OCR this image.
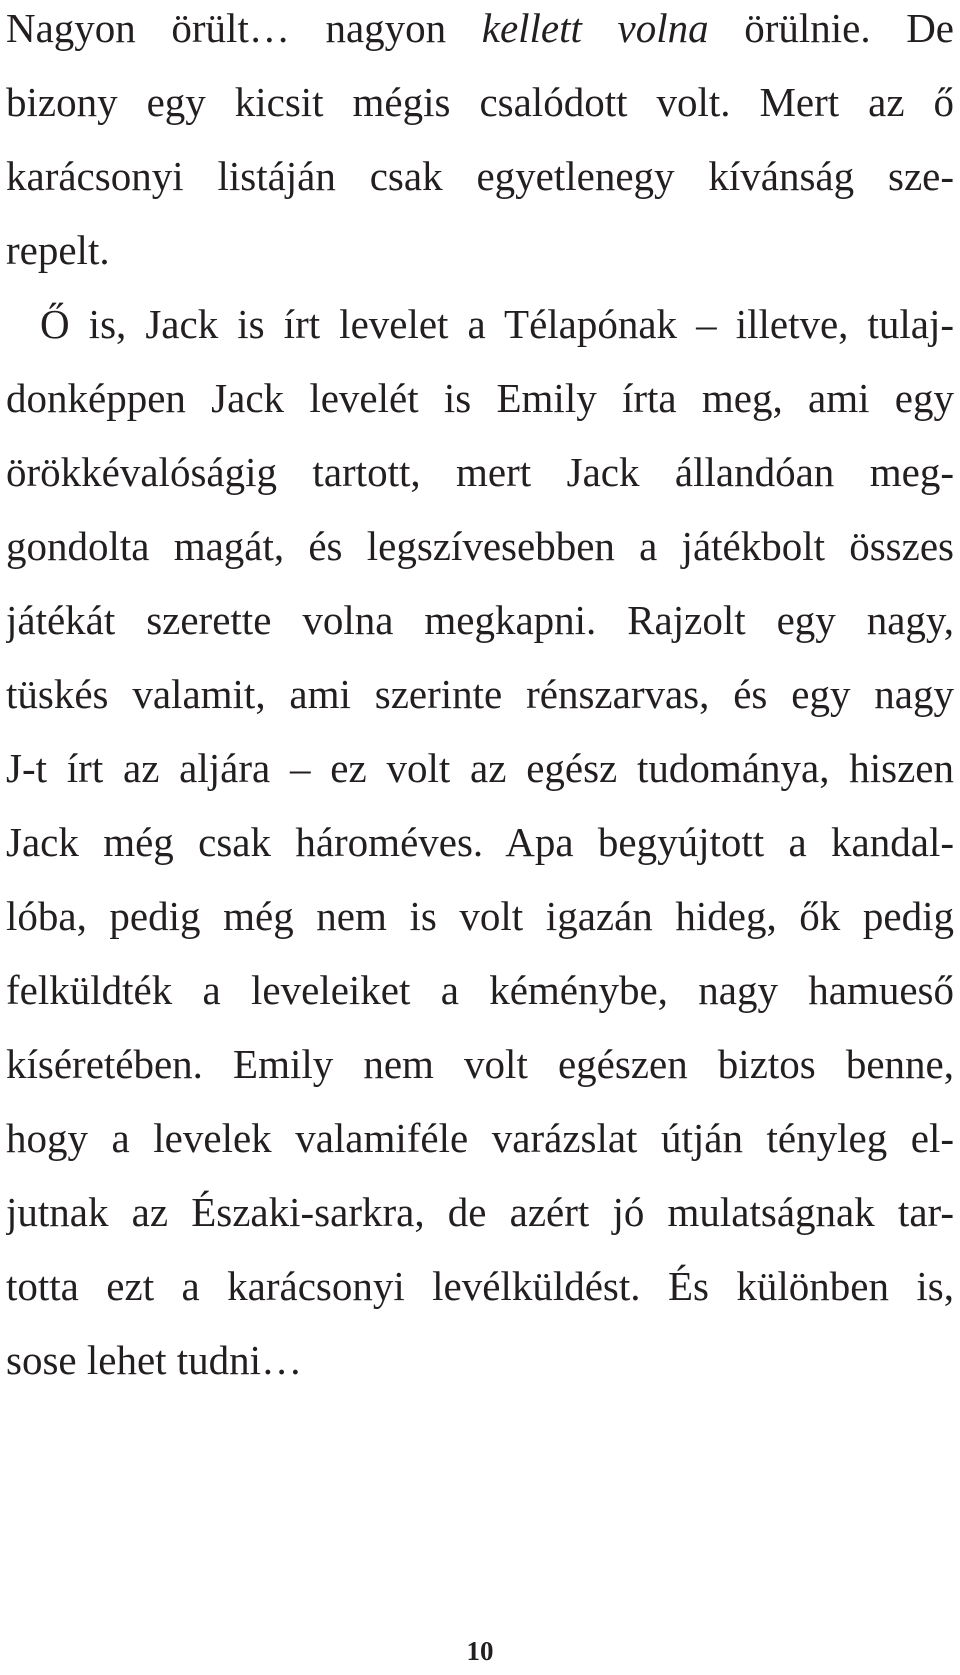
Nagyon örült… nagyon kellett volna örülnie. De
bizony egy kicsit mégis csalódott volt. Mert az ő
karácsonyi listáján csak egyetlenegy kívánság sze-
repelt.
Ő is, Jack is írt levelet a Télapónak – illetve, tulaj-
donképpen Jack levelét is Emily írta meg, ami egy
örökkévalóságig tartott, mert Jack állandóan meg-
gondolta magát, és legszívesebben a játékbolt összes
játékát szerette volna megkapni. Rajzolt egy nagy,
tüskés valamit, ami szerinte rénszarvas, és egy nagy
J-t írt az aljára – ez volt az egész tudománya, hiszen
Jack még csak hároméves. Apa begyújtott a kandal-
lóba, pedig még nem is volt igazán hideg, ők pedig
felküldték a leveleiket a kéménybe, nagy hamueső
kíséretében. Emily nem volt egészen biztos benne,
hogy a levelek valamiféle varázslat útján tényleg el-
jutnak az Északi-sarkra, de azért jó mulatságnak tar-
totta ezt a karácsonyi levélküldést. És különben is,
sose lehet tudni…
10
